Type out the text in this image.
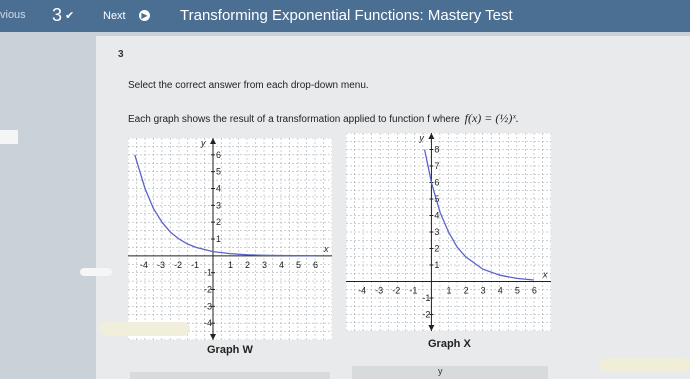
vious 3 ✔	Next	▶ Transforming Exponential Functions: Mastery Test
3
Select the correct answer from each drop-down menu.
Each graph shows the result of a transformation applied to function f where f(x) = (½)ˣ.
-4 -3 -2 -1	1 2 3 4 5 6
-4
-3
-2
-1
1
2
3
4
5
6
x
y
Graph W
-4 -3 -2 -1	1 2 3 4 5 6
-2
-1
1
2
3
4
5
6
7
8
x
y
Graph X
y
